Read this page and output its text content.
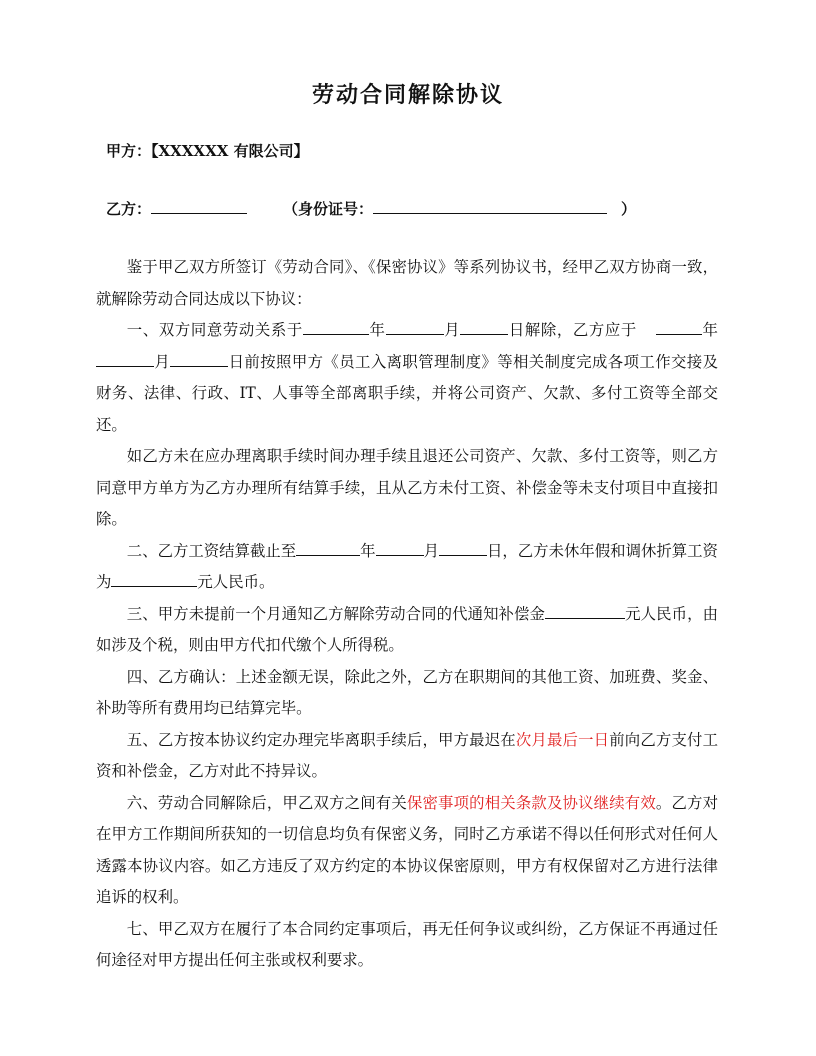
劳动合同解除协议
甲方：【XXXXXX 有限公司】
乙方：	（身份证号：	）

鉴于甲乙双方所签订《劳动合同》、《保密协议》等系列协议书，经甲乙双方协商一致，就解除劳动合同达成以下协议：

一、双方同意劳动关系于	年	月	日解除，乙方应于	年月	日前按照甲方《员工入离职管理制度》等相关制度完成各项工作交接及财务、法律、行政、IT、人事等全部离职手续，并将公司资产、欠款、多付工资等全部交还。

如乙方未在应办理离职手续时间办理手续且退还公司资产、欠款、多付工资等，则乙方同意甲方单方为乙方办理所有结算手续，且从乙方未付工资、补偿金等未支付项目中直接扣除。

二、乙方工资结算截止至	年	月	日，乙方未休年假和调休折算工资为	元人民币。

三、甲方未提前一个月通知乙方解除劳动合同的代通知补偿金	元人民币，由如涉及个税，则由甲方代扣代缴个人所得税。

四、乙方确认：上述金额无误，除此之外，乙方在职期间的其他工资、加班费、奖金、补助等所有费用均已结算完毕。

五、乙方按本协议约定办理完毕离职手续后，甲方最迟在次月最后一日前向乙方支付工资和补偿金，乙方对此不持异议。

六、劳动合同解除后，甲乙双方之间有关保密事项的相关条款及协议继续有效。乙方对在甲方工作期间所获知的一切信息均负有保密义务，同时乙方承诺不得以任何形式对任何人透露本协议内容。如乙方违反了双方约定的本协议保密原则，甲方有权保留对乙方进行法律追诉的权利。

七、甲乙双方在履行了本合同约定事项后，再无任何争议或纠纷，乙方保证不再通过任何途径对甲方提出任何主张或权利要求。
